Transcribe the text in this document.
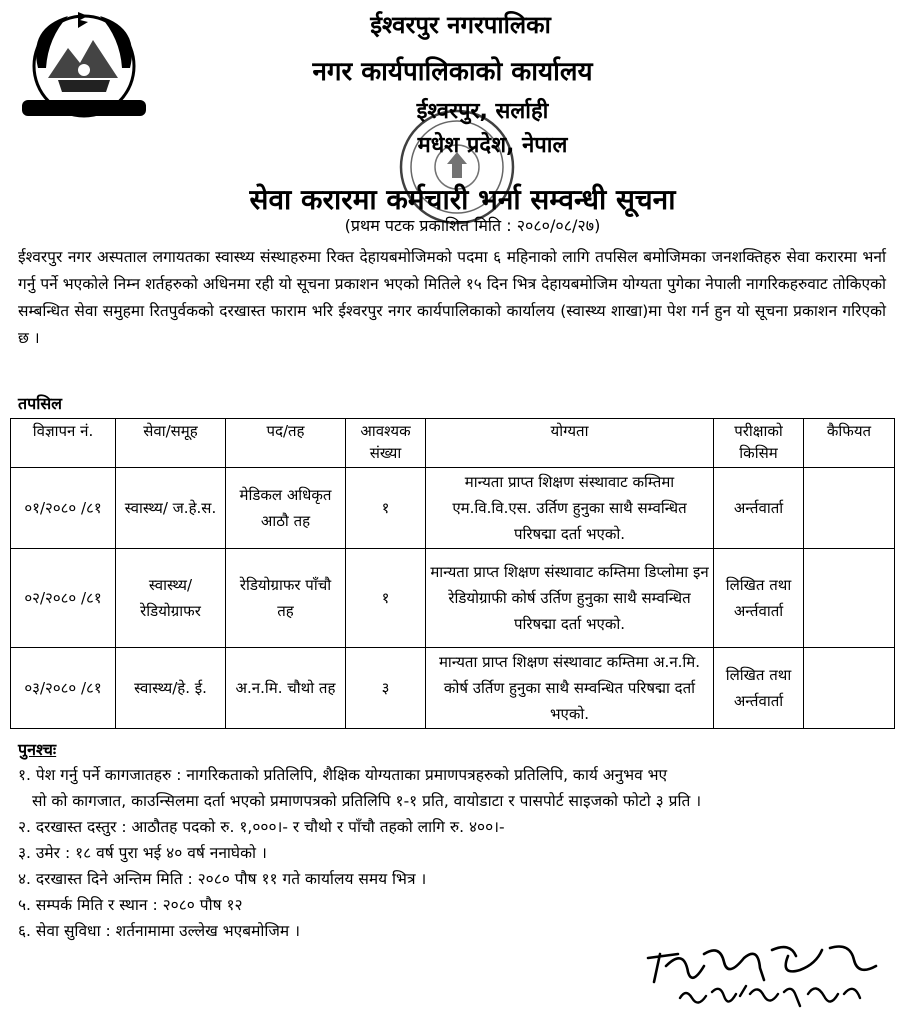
ईश्वरपुर नगरपालिका
नगर कार्यपालिकाको कार्यालय
ईश्वरपुर, सर्लाही
मधेश प्रदेश, नेपाल
सेवा करारमा कर्मचारी भर्ना सम्वन्धी सूचना
(प्रथम पटक प्रकाशित मिति : २०८०/०८/२७)

ईश्वरपुर नगर अस्पताल लगायतका स्वास्थ्य संस्थाहरुमा रिक्त देहायबमोजिमको पदमा ६ महिनाको लागि तपसिल बमोजिमका जनशक्तिहरु सेवा करारमा भर्ना गर्नु पर्ने भएकोले निम्न शर्तहरुको अधिनमा रही यो सूचना प्रकाशन भएको मितिले १५ दिन भित्र देहायबमोजिम योग्यता पुगेका नेपाली नागरिकहरुवाट तोकिएको सम्बन्धित सेवा समुहमा रितपुर्वकको दरखास्त फाराम भरि ईश्वरपुर नगर कार्यपालिकाको कार्यालय (स्वास्थ्य शाखा)मा पेश गर्न हुन यो सूचना प्रकाशन गरिएको छ ।

तपसिल
विज्ञापन नं.	सेवा/समूह	पद/तह	आवश्यक संख्या	योग्यता	परीक्षाको किसिम	कैफियत
०१/२०८० /८१	स्वास्थ्य/ ज.हे.स.	मेडिकल अधिकृत आठौ तह	१	मान्यता प्राप्त शिक्षण संस्थावाट कम्तिमा एम.वि.वि.एस. उर्तिण हुनुका साथै सम्वन्धित परिषद्मा दर्ता भएको.	अर्न्तवार्ता	
०२/२०८० /८१	स्वास्थ्य/ रेडियोग्राफर	रेडियोग्राफर पाँचौ तह	१	मान्यता प्राप्त शिक्षण संस्थावाट कम्तिमा डिप्लोमा इन रेडियोग्राफी कोर्ष उर्तिण हुनुका साथै सम्वन्धित परिषद्मा दर्ता भएको.	लिखित तथा अर्न्तवार्ता	
०३/२०८० /८१	स्वास्थ्य/हे. ई.	अ.न.मि. चौथो तह	३	मान्यता प्राप्त शिक्षण संस्थावाट कम्तिमा अ.न.मि. कोर्ष उर्तिण हुनुका साथै सम्वन्धित परिषद्मा दर्ता भएको.	लिखित तथा अर्न्तवार्ता	
पुनश्चः
१. पेश गर्नु पर्ने कागजातहरु : नागरिकताको प्रतिलिपि, शैक्षिक योग्यताका प्रमाणपत्रहरुको प्रतिलिपि, कार्य अनुभव भए
सो को कागजात, काउन्सिलमा दर्ता भएको प्रमाणपत्रको प्रतिलिपि १-१ प्रति, वायोडाटा र पासपोर्ट साइजको फोटो ३ प्रति ।
२. दरखास्त दस्तुर : आठौतह पदको रु. १,०००।- र चौथो र पाँचौ तहको लागि रु. ४००।-
३. उमेर : १८ वर्ष पुरा भई ४० वर्ष ननाघेको ।
४. दरखास्त दिने अन्तिम मिति : २०८० पौष ११ गते कार्यालय समय भित्र ।
५. सम्पर्क मिति र स्थान : २०८० पौष १२
६. सेवा सुविधा : शर्तनामामा उल्लेख भएबमोजिम ।
